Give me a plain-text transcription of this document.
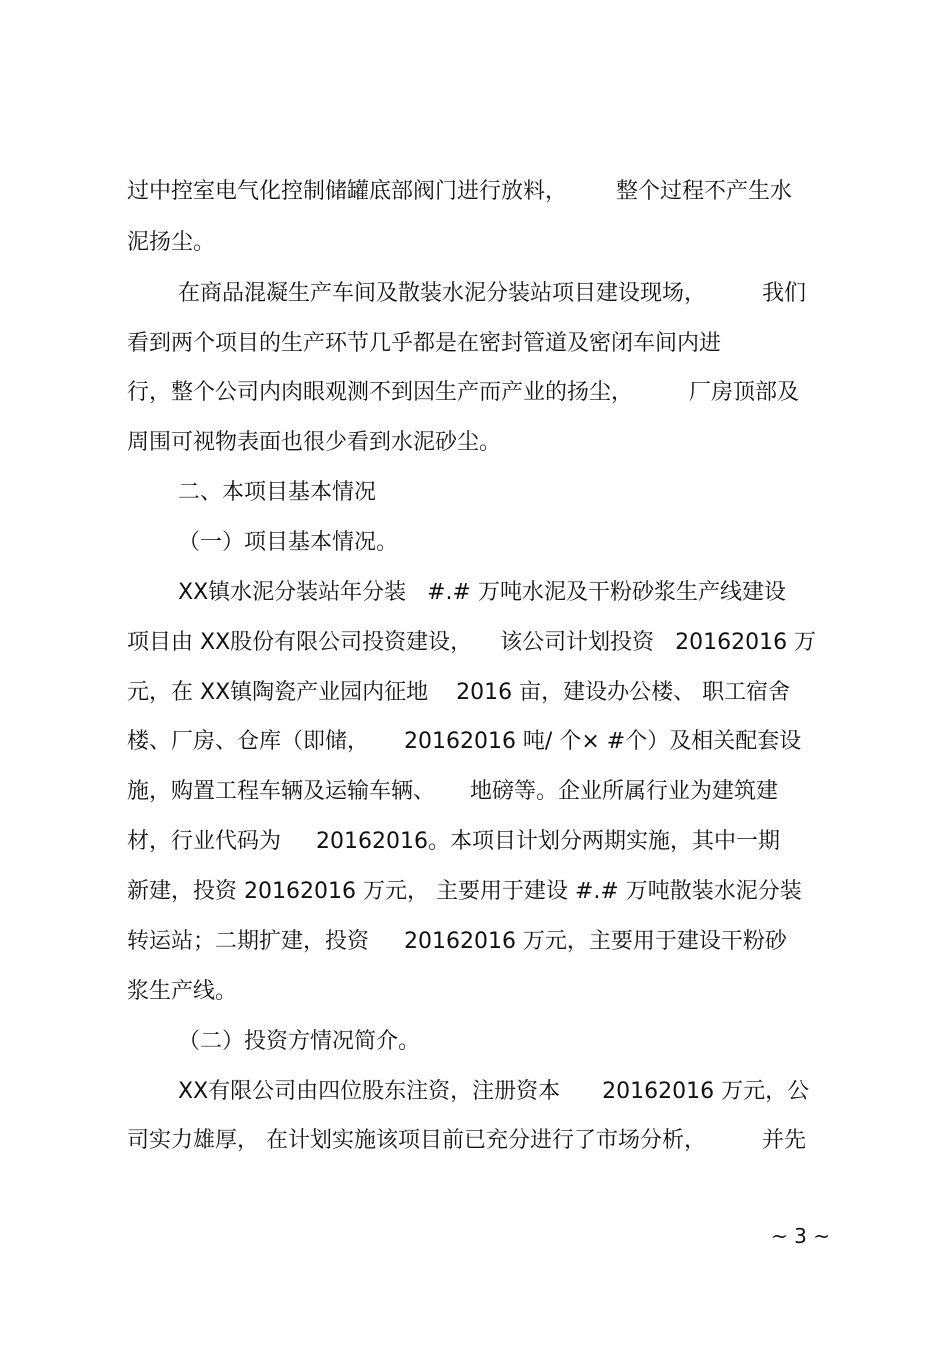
过中控室电气化控制储罐底部阀门进行放料，       整个过程不产生水
泥扬尘。
在商品混凝生产车间及散装水泥分装站项目建设现场，        我们
看到两个项目的生产环节几乎都是在密封管道及密闭车间内进
行，整个公司内肉眼观测不到因生产而产业的扬尘，        厂房顶部及
周围可视物表面也很少看到水泥砂尘。
二、本项目基本情况
（一）项目基本情况。
XX镇水泥分装站年分装   #.# 万吨水泥及干粉砂浆生产线建设
项目由 XX股份有限公司投资建设，    该公司计划投资   20162016 万
元，在 XX镇陶瓷产业园内征地    2016 亩，建设办公楼、 职工宿舍
楼、厂房、仓库（即储，     20162016 吨/ 个× #个）及相关配套设
施，购置工程车辆及运输车辆、     地磅等。企业所属行业为建筑建
材，行业代码为     20162016。本项目计划分两期实施，其中一期
新建，投资 20162016 万元， 主要用于建设 #.# 万吨散装水泥分装
转运站；二期扩建，投资     20162016 万元，主要用于建设干粉砂
浆生产线。
（二）投资方情况简介。
XX有限公司由四位股东注资，注册资本      20162016 万元，公
司实力雄厚， 在计划实施该项目前已充分进行了市场分析，        并先
~ 3 ~
